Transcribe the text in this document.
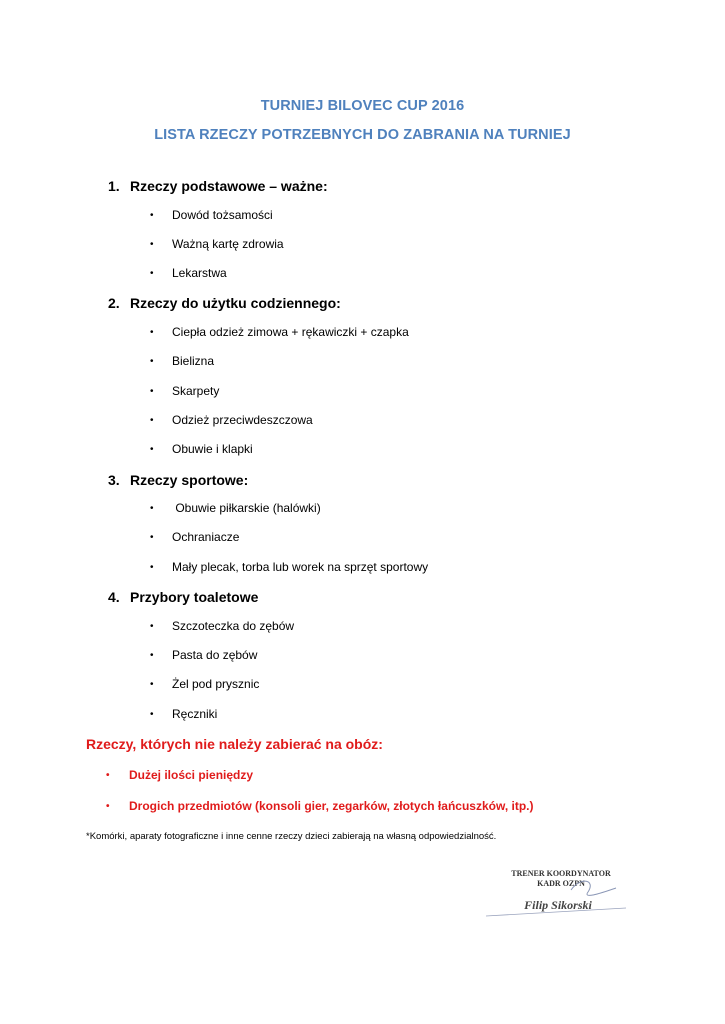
TURNIEJ BILOVEC CUP 2016
LISTA RZECZY POTRZEBNYCH DO ZABRANIA NA TURNIEJ
1. Rzeczy podstawowe – ważne:
• Dowód tożsamości
• Ważną kartę zdrowia
• Lekarstwa
2. Rzeczy do użytku codziennego:
• Ciepła odzież zimowa + rękawiczki + czapka
• Bielizna
• Skarpety
• Odzież przeciwdeszczowa
• Obuwie i klapki
3. Rzeczy sportowe:
• Obuwie piłkarskie (halówki)
• Ochraniacze
• Mały plecak, torba lub worek na sprzęt sportowy
4. Przybory toaletowe
• Szczoteczka do zębów
• Pasta do zębów
• Żel pod prysznic
• Ręczniki
Rzeczy, których nie należy zabierać na obóz:
• Dużej ilości pieniędzy
• Drogich przedmiotów (konsoli gier, zegarków, złotych łańcuszków, itp.)
*Komórki, aparaty fotograficzne i inne cenne rzeczy dzieci zabierają na własną odpowiedzialność.
TRENER KOORDYNATOR
KADR OZPN
Filip Sikorski
